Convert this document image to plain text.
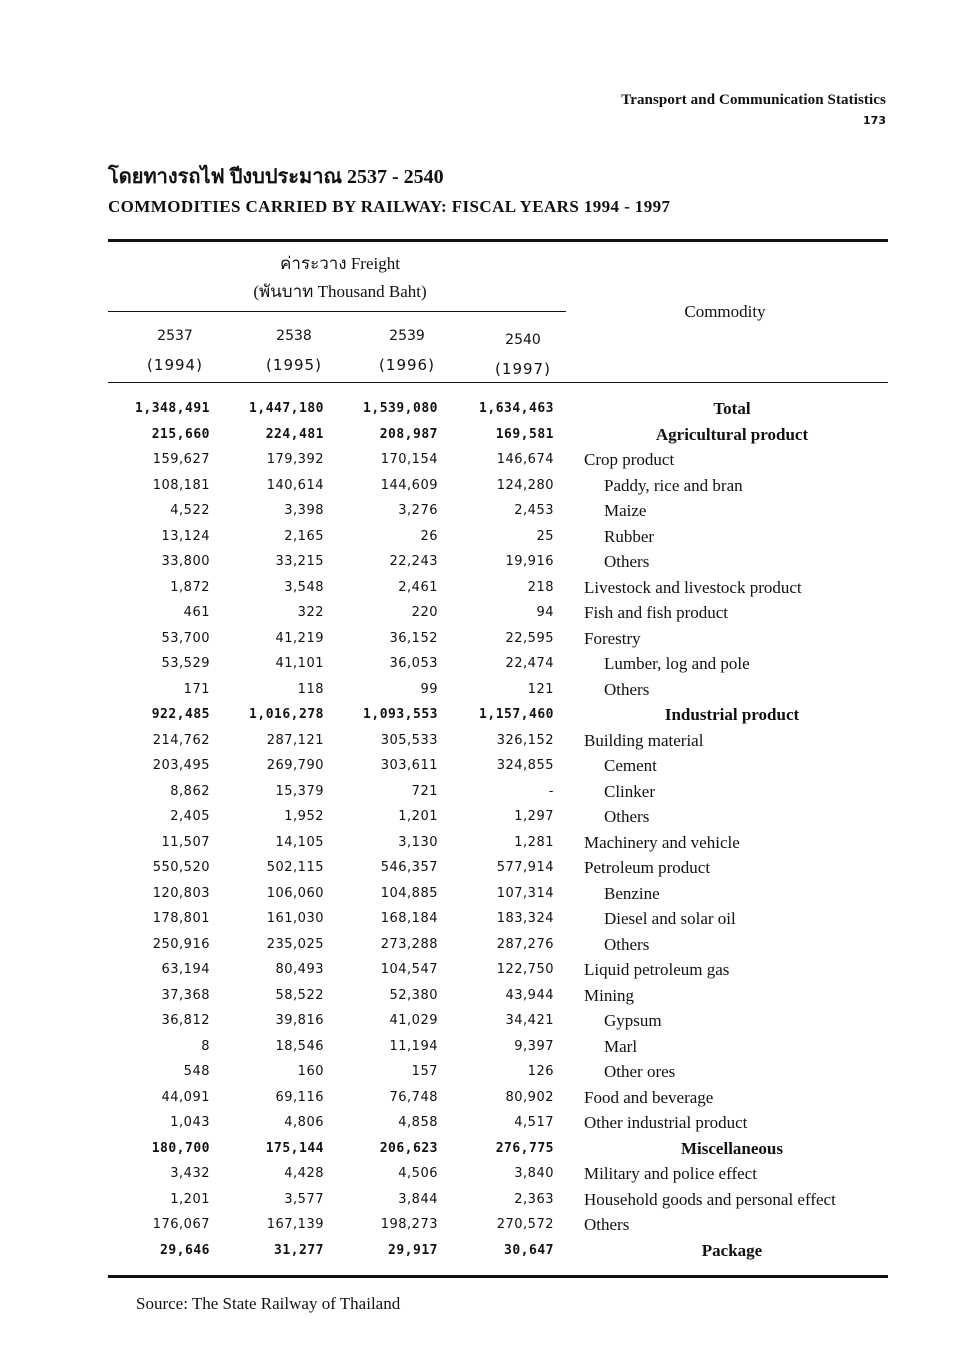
Transport and Communication Statistics
173
โดยทางรถไฟ ปีงบประมาณ 2537 - 2540
COMMODITIES CARRIED BY RAILWAY: FISCAL YEARS 1994 - 1997
ค่าระวาง Freight
(พันบาท Thousand Baht)
Commodity
2537
(1994)
2538
(1995)
2539
(1996)
2540
(1997)
1,348,491	1,447,180	1,539,080	1,634,463	Total
215,660	224,481	208,987	169,581	Agricultural product
159,627	179,392	170,154	146,674 Crop product
108,181	140,614	144,609	124,280	Paddy, rice and bran
4,522	3,398	3,276	2,453	Maize
13,124	2,165	26	25	Rubber
33,800	33,215	22,243	19,916	Others
1,872	3,548	2,461	218 Livestock and livestock product
461	322	220	94 Fish and fish product
53,700	41,219	36,152	22,595 Forestry
53,529	41,101	36,053	22,474	Lumber, log and pole
171	118	99	121	Others
922,485	1,016,278	1,093,553	1,157,460	Industrial product
214,762	287,121	305,533	326,152 Building material
203,495	269,790	303,611	324,855	Cement
8,862	15,379	721	-	Clinker
2,405	1,952	1,201	1,297	Others
11,507	14,105	3,130	1,281 Machinery and vehicle
550,520	502,115	546,357	577,914 Petroleum product
120,803	106,060	104,885	107,314	Benzine
178,801	161,030	168,184	183,324	Diesel and solar oil
250,916	235,025	273,288	287,276	Others
63,194	80,493	104,547	122,750 Liquid petroleum gas
37,368	58,522	52,380	43,944 Mining
36,812	39,816	41,029	34,421	Gypsum
8	18,546	11,194	9,397	Marl
548	160	157	126	Other ores
44,091	69,116	76,748	80,902 Food and beverage
1,043	4,806	4,858	4,517 Other industrial product
180,700	175,144	206,623	276,775	Miscellaneous
3,432	4,428	4,506	3,840 Military and police effect
1,201	3,577	3,844	2,363 Household goods and personal effect
176,067	167,139	198,273	270,572 Others
29,646	31,277	29,917	30,647	Package
Source: The State Railway of Thailand
